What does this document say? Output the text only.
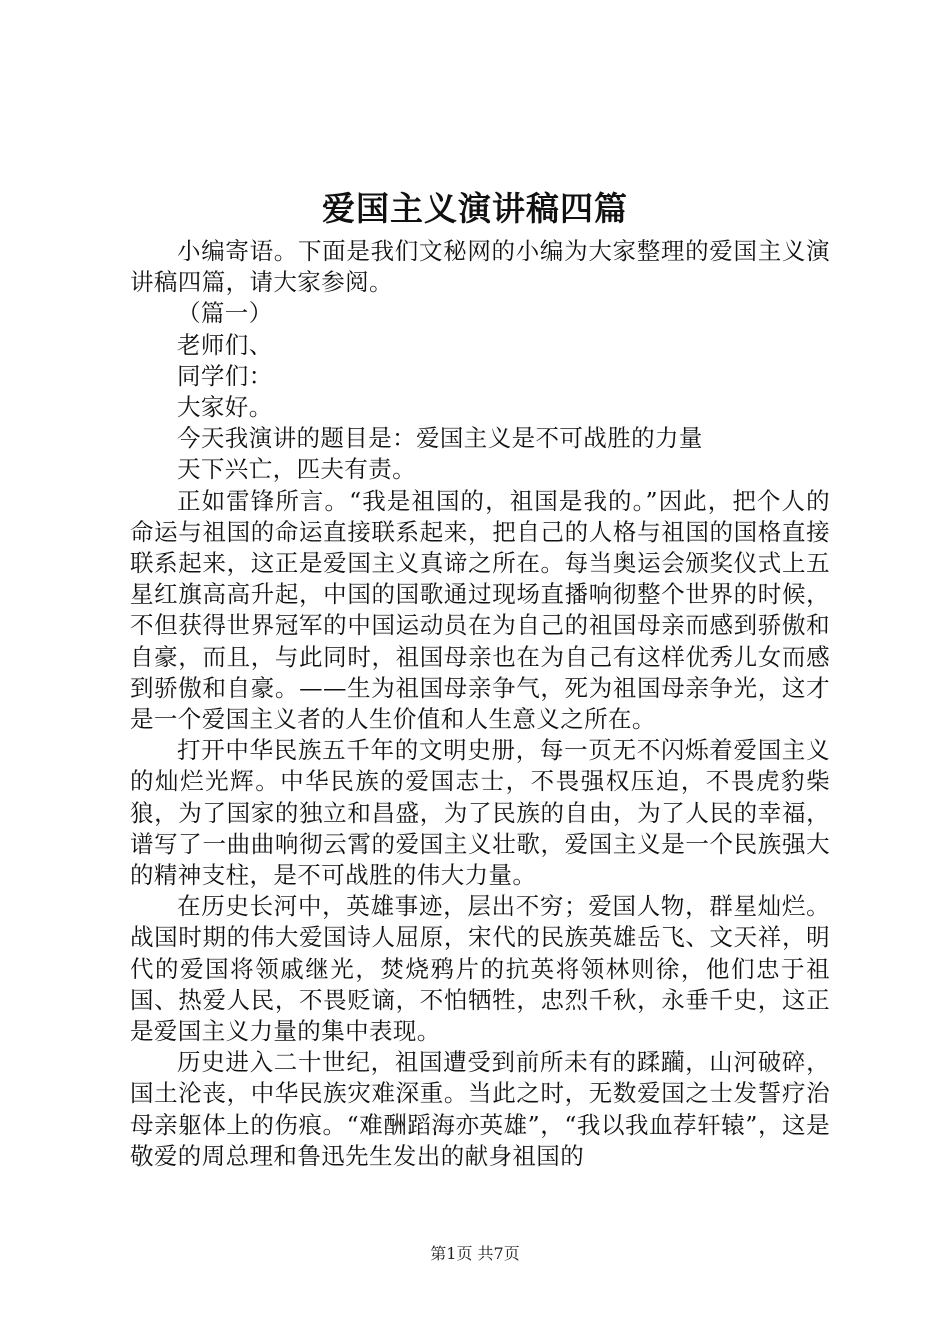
爱国主义演讲稿四篇

小编寄语。下面是我们文秘网的小编为大家整理的爱国主义演讲稿四篇，请大家参阅。

（篇一）

老师们、

同学们：

大家好。

今天我演讲的题目是：爱国主义是不可战胜的力量

天下兴亡，匹夫有责。

正如雷锋所言。“我是祖国的，祖国是我的。”因此，把个人的命运与祖国的命运直接联系起来，把自己的人格与祖国的国格直接联系起来，这正是爱国主义真谛之所在。每当奥运会颁奖仪式上五星红旗高高升起，中国的国歌通过现场直播响彻整个世界的时候，不但获得世界冠军的中国运动员在为自己的祖国母亲而感到骄傲和自豪，而且，与此同时，祖国母亲也在为自己有这样优秀儿女而感到骄傲和自豪。——生为祖国母亲争气，死为祖国母亲争光，这才是一个爱国主义者的人生价值和人生意义之所在。

打开中华民族五千年的文明史册，每一页无不闪烁着爱国主义的灿烂光辉。中华民族的爱国志士，不畏强权压迫，不畏虎豹柴狼，为了国家的独立和昌盛，为了民族的自由，为了人民的幸福，谱写了一曲曲响彻云霄的爱国主义壮歌，爱国主义是一个民族强大的精神支柱，是不可战胜的伟大力量。

在历史长河中，英雄事迹，层出不穷；爱国人物，群星灿烂。战国时期的伟大爱国诗人屈原，宋代的民族英雄岳飞、文天祥，明代的爱国将领戚继光，焚烧鸦片的抗英将领林则徐，他们忠于祖国、热爱人民，不畏贬谪，不怕牺牲，忠烈千秋，永垂千史，这正是爱国主义力量的集中表现。

历史进入二十世纪，祖国遭受到前所未有的蹂躏，山河破碎，国土沦丧，中华民族灾难深重。当此之时，无数爱国之士发誓疗治母亲躯体上的伤痕。“难酬蹈海亦英雄”，“我以我血荐轩辕”，这是敬爱的周总理和鲁迅先生发出的献身祖国的

第1页 共7页
